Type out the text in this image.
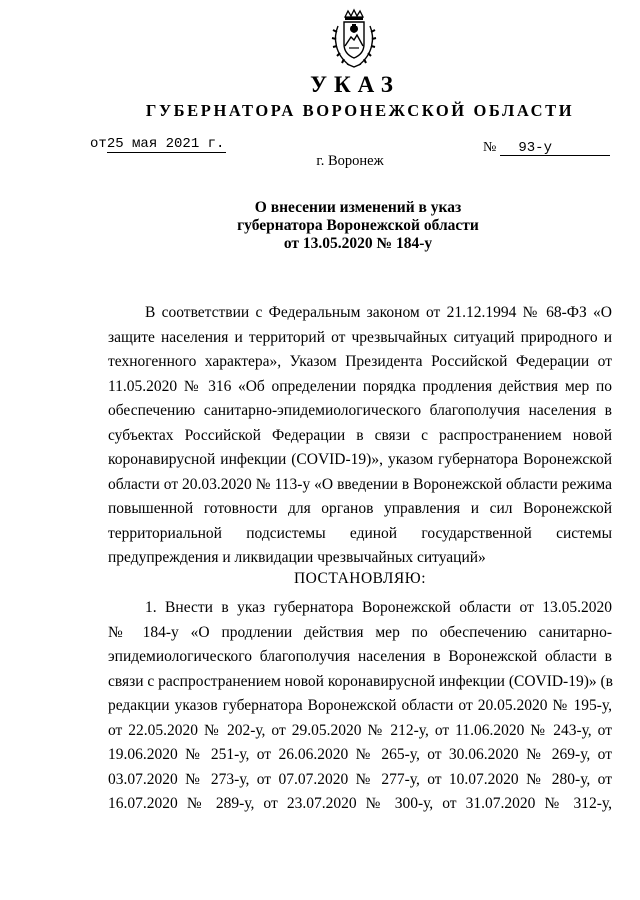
УКАЗ
ГУБЕРНАТОРА ВОРОНЕЖСКОЙ ОБЛАСТИ
от25 мая 2021 г.	№ 93-у
г. Воронеж
О внесении изменений в указ
губернатора Воронежской области
от 13.05.2020 № 184-у
В соответствии с Федеральным законом от 21.12.1994 № 68-ФЗ «О
защите населения и территорий от чрезвычайных ситуаций природного и
техногенного характера», Указом Президента Российской Федерации от
11.05.2020 № 316 «Об определении порядка продления действия мер по
обеспечению санитарно-эпидемиологического благополучия населения в
субъектах Российской Федерации в связи с распространением новой
коронавирусной инфекции (COVID-19)», указом губернатора Воронежской
области от 20.03.2020 № 113-у «О введении в Воронежской области режима
повышенной готовности для органов управления и сил Воронежской
территориальной подсистемы единой государственной системы
предупреждения и ликвидации чрезвычайных ситуаций»
ПОСТАНОВЛЯЮ:
1. Внести в указ губернатора Воронежской области от 13.05.2020
№ 184-у «О продлении действия мер по обеспечению санитарно-
эпидемиологического благополучия населения в Воронежской области в
связи с распространением новой коронавирусной инфекции (COVID-19)» (в
редакции указов губернатора Воронежской области от 20.05.2020 № 195-у,
от 22.05.2020 № 202-у, от 29.05.2020 № 212-у, от 11.06.2020 № 243-у, от
19.06.2020 № 251-у, от 26.06.2020 № 265-у, от 30.06.2020 № 269-у, от
03.07.2020 № 273-у, от 07.07.2020 № 277-у, от 10.07.2020 № 280-у, от
16.07.2020 № 289-у, от 23.07.2020 № 300-у, от 31.07.2020 № 312-у,
